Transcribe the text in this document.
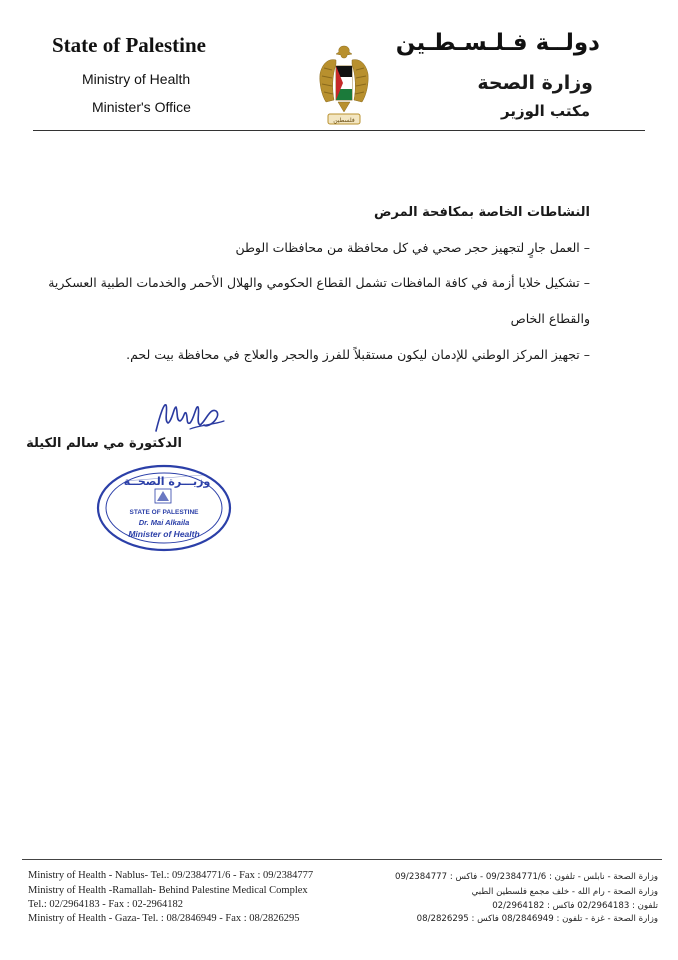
State of Palestine
Ministry of Health
Minister's Office
فلسطين
دولــة فـلـسـطـين
وزارة الصحة
مكتب الوزير
النشاطات الخاصة بمكافحة المرض
– العمل جارٍ لتجهيز حجر صحي في كل محافظة من محافظات الوطن
– تشكيل خلايا أزمة في كافة المافظات تشمل القطاع الحكومي والهلال الأحمر والخدمات الطبية العسكرية
والقطاع الخاص
– تجهيز المركز الوطني للإدمان ليكون مستقبلاً للفرز والحجر والعلاج في محافظة بيت لحم.
الدكتورة مي سالم الكيلة
وزيـــرة الصحــة
STATE OF PALESTINE
Dr. Mai Alkaila
Minister of Health
Ministry of Health - Nablus- Tel.: 09/2384771/6 - Fax : 09/2384777
Ministry of Health -Ramallah- Behind Palestine Medical Complex
Tel.: 02/2964183 - Fax : 02-2964182
Ministry of Health - Gaza- Tel. : 08/2846949 - Fax : 08/2826295
وزارة الصحة - نابلس - تلفون : 09/2384771/6 - فاكس : 09/2384777
وزارة الصحة - رام الله - خلف مجمع فلسطين الطبي
تلفون : 02/2964183 فاكس : 02/2964182
وزارة الصحة - غزة - تلفون : 08/2846949 فاكس : 08/2826295
